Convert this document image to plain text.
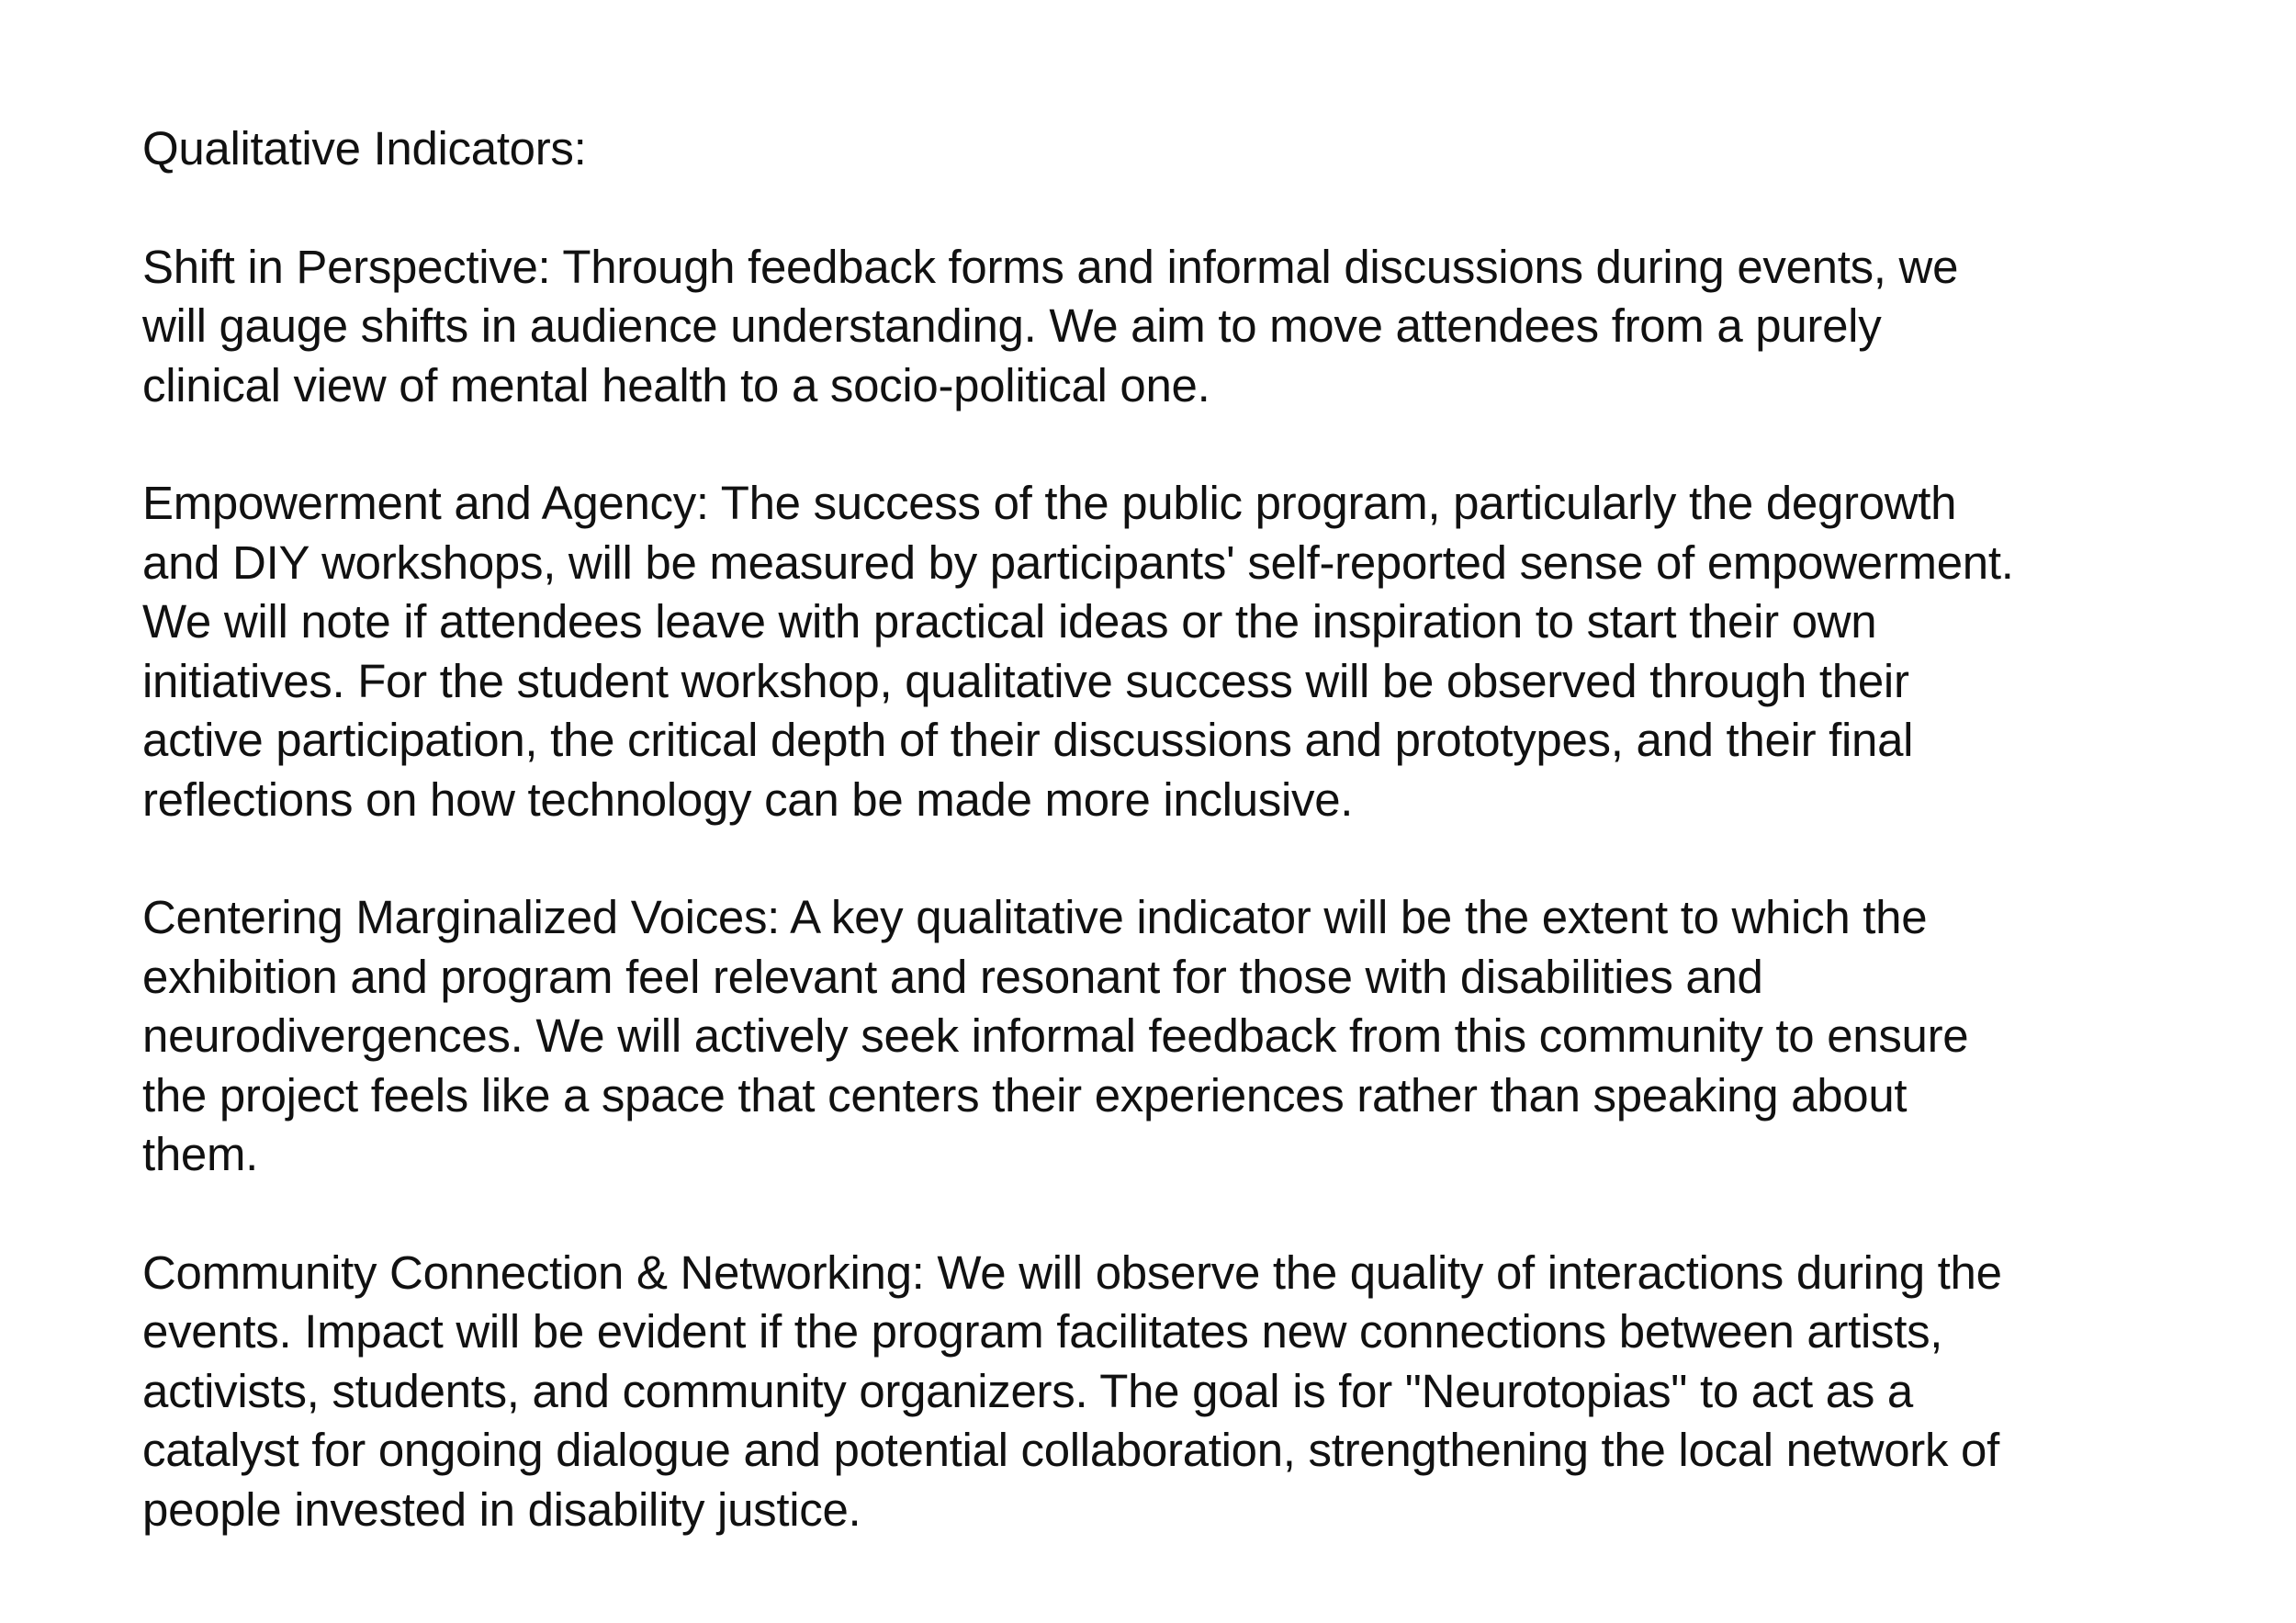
Qualitative Indicators:
Shift in Perspective: Through feedback forms and informal discussions during events, we
will gauge shifts in audience understanding. We aim to move attendees from a purely
clinical view of mental health to a socio-political one.
Empowerment and Agency: The success of the public program, particularly the degrowth
and DIY workshops, will be measured by participants' self-reported sense of empowerment.
We will note if attendees leave with practical ideas or the inspiration to start their own
initiatives. For the student workshop, qualitative success will be observed through their
active participation, the critical depth of their discussions and prototypes, and their final
reflections on how technology can be made more inclusive.
Centering Marginalized Voices: A key qualitative indicator will be the extent to which the
exhibition and program feel relevant and resonant for those with disabilities and
neurodivergences. We will actively seek informal feedback from this community to ensure
the project feels like a space that centers their experiences rather than speaking about
them.
Community Connection & Networking: We will observe the quality of interactions during the
events. Impact will be evident if the program facilitates new connections between artists,
activists, students, and community organizers. The goal is for "Neurotopias" to act as a
catalyst for ongoing dialogue and potential collaboration, strengthening the local network of
people invested in disability justice.
